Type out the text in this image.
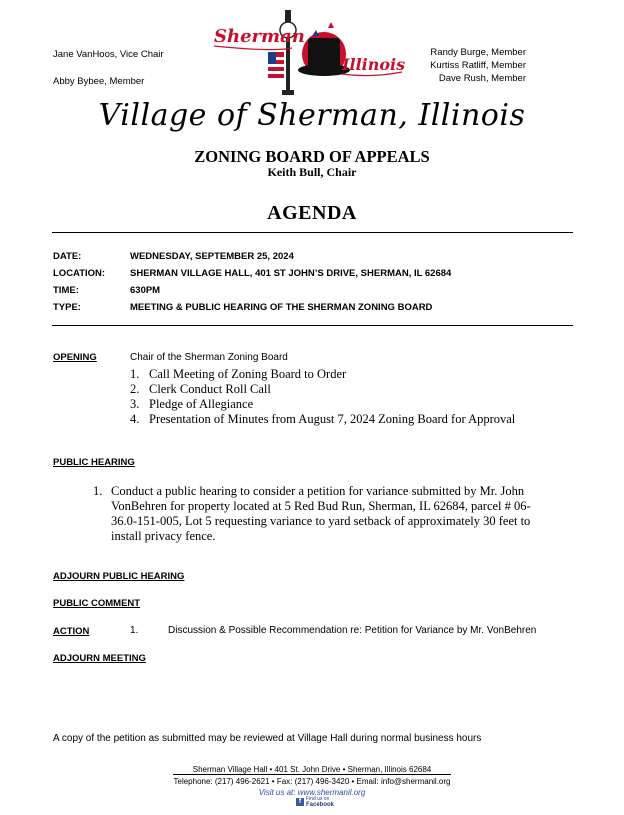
Jane VanHoos, Vice Chair
Abby Bybee, Member
Randy Burge, Member
Kurtiss Ratliff, Member
Dave Rush, Member
Sherman
Illinois
Village of Sherman, Illinois
ZONING BOARD OF APPEALS
Keith Bull, Chair
AGENDA
DATE:	WEDNESDAY, SEPTEMBER 25, 2024
LOCATION:	SHERMAN VILLAGE HALL, 401 ST JOHN’S DRIVE, SHERMAN, IL 62684
TIME:	630PM
TYPE:	MEETING & PUBLIC HEARING OF THE SHERMAN ZONING BOARD
OPENING	Chair of the Sherman Zoning Board
1. Call Meeting of Zoning Board to Order
2. Clerk Conduct Roll Call
3. Pledge of Allegiance
4. Presentation of Minutes from August 7, 2024 Zoning Board for Approval
PUBLIC HEARING
1. Conduct a public hearing to consider a petition for variance submitted by Mr. John
VonBehren for property located at 5 Red Bud Run, Sherman, IL 62684, parcel # 06-
36.0-151-005, Lot 5 requesting variance to yard setback of approximately 30 feet to
install privacy fence.
ADJOURN PUBLIC HEARING
PUBLIC COMMENT
ACTION	1.	Discussion & Possible Recommendation re: Petition for Variance by Mr. VonBehren
ADJOURN MEETING
A copy of the petition as submitted may be reviewed at Village Hall during normal business hours
Sherman Village Hall • 401 St. John Drive • Sherman, Illinois 62684
Telephone: (217) 496-2621 • Fax: (217) 496-3420 • Email: info@shermanil.org
Visit us at: www.shermanil.org
f Find us on
Facebook
